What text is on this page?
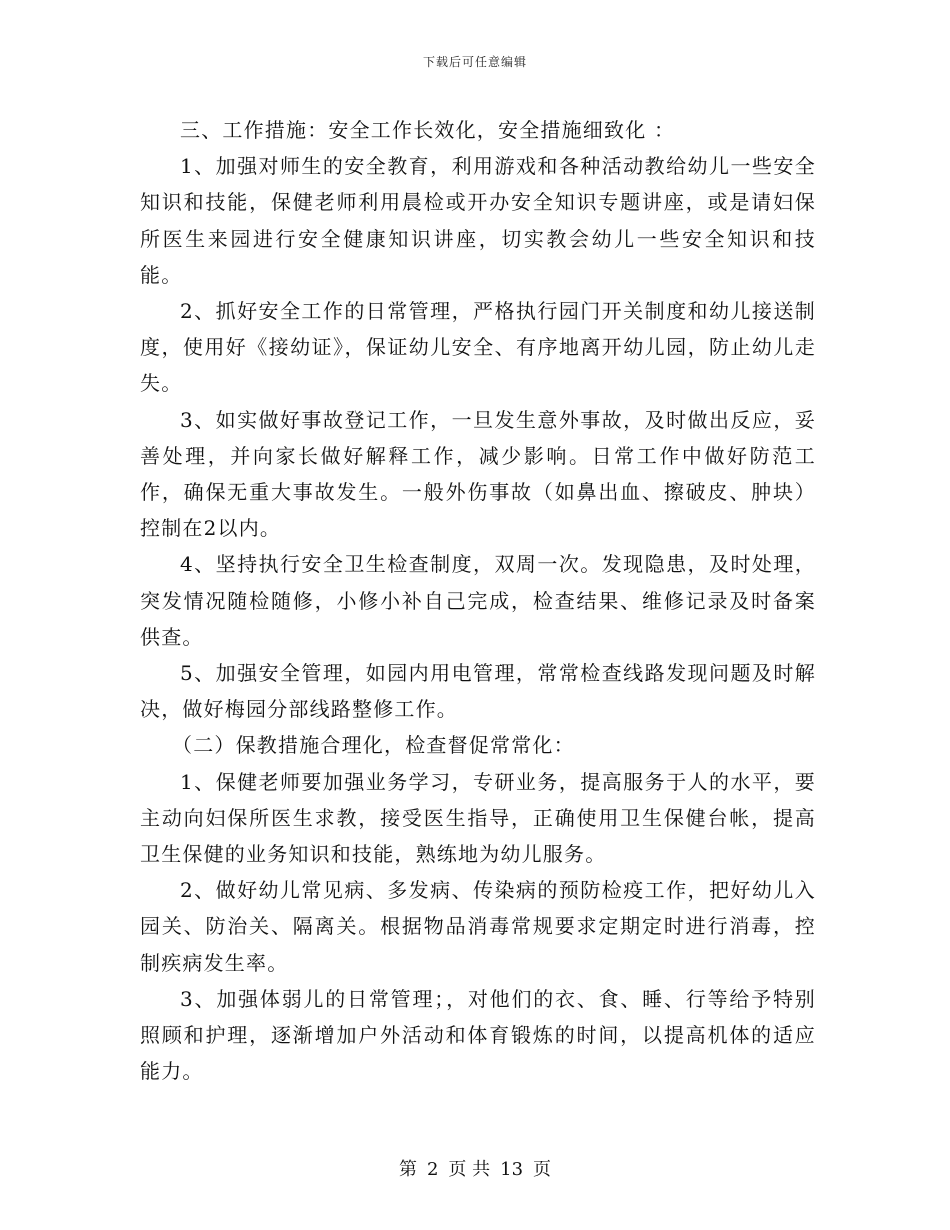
下载后可任意编辑

三、工作措施：安全工作长效化，安全措施细致化 ：

1、加强对师生的安全教育，利用游戏和各种活动教给幼儿一些安全知识和技能，保健老师利用晨检或开办安全知识专题讲座，或是请妇保所医生来园进行安全健康知识讲座，切实教会幼儿一些安全知识和技能。

2、抓好安全工作的日常管理，严格执行园门开关制度和幼儿接送制度，使用好《接幼证》，保证幼儿安全、有序地离开幼儿园，防止幼儿走失。

3、如实做好事故登记工作，一旦发生意外事故，及时做出反应，妥善处理，并向家长做好解释工作，减少影响。日常工作中做好防范工作，确保无重大事故发生。一般外伤事故（如鼻出血、擦破皮、肿块）控制在2以内。

4、坚持执行安全卫生检查制度，双周一次。发现隐患，及时处理，突发情况随检随修，小修小补自己完成，检查结果、维修记录及时备案供查。

5、加强安全管理，如园内用电管理，常常检查线路发现问题及时解决，做好梅园分部线路整修工作。

（二）保教措施合理化，检查督促常常化：

1、保健老师要加强业务学习，专研业务，提高服务于人的水平，要主动向妇保所医生求教，接受医生指导，正确使用卫生保健台帐，提高卫生保健的业务知识和技能，熟练地为幼儿服务。

2、做好幼儿常见病、多发病、传染病的预防检疫工作，把好幼儿入园关、防治关、隔离关。根据物品消毒常规要求定期定时进行消毒，控制疾病发生率。

3、加强体弱儿的日常管理；，对他们的衣、食、睡、行等给予特别照顾和护理，逐渐增加户外活动和体育锻炼的时间，以提高机体的适应能力。

第 2 页 共 13 页
